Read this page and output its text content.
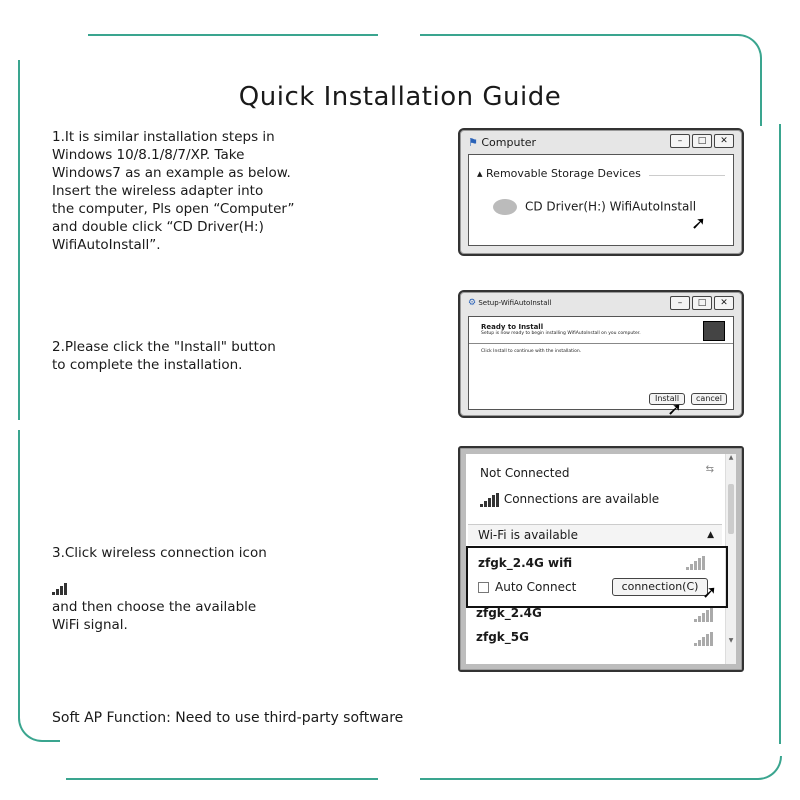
Quick Installation Guide
1.It is similar installation steps in
Windows 10/8.1/8/7/XP. Take
Windows7 as an example as below.
Insert the wireless adapter into
the computer, Pls open “Computer”
and double click “CD Driver(H:)
WifiAutoInstall”.
2.Please click the "Install" button
to complete the installation.

3.Click wireless connection icon

and then choose the available
WiFi signal.

Soft AP Function: Need to use third-party software
⚑ Computer	–	□	✕
▴ Removable Storage Devices
CD Driver(H:) WifiAutoInstall
➚
⚙ Setup-WifiAutoInstall	–	□	✕
Ready to Install
Setup is now ready to begin installing WifiAutoInstall on you computer.
Click Install to continue with the installation.
Install	cancel
➚
Not Connected	⇆
Connections are available
Wi-Fi is available	▲
▲
▼
zfgk_2.4G wifi
Auto Connect	connection(C) ➚
zfgk_2.4G
zfgk_5G
